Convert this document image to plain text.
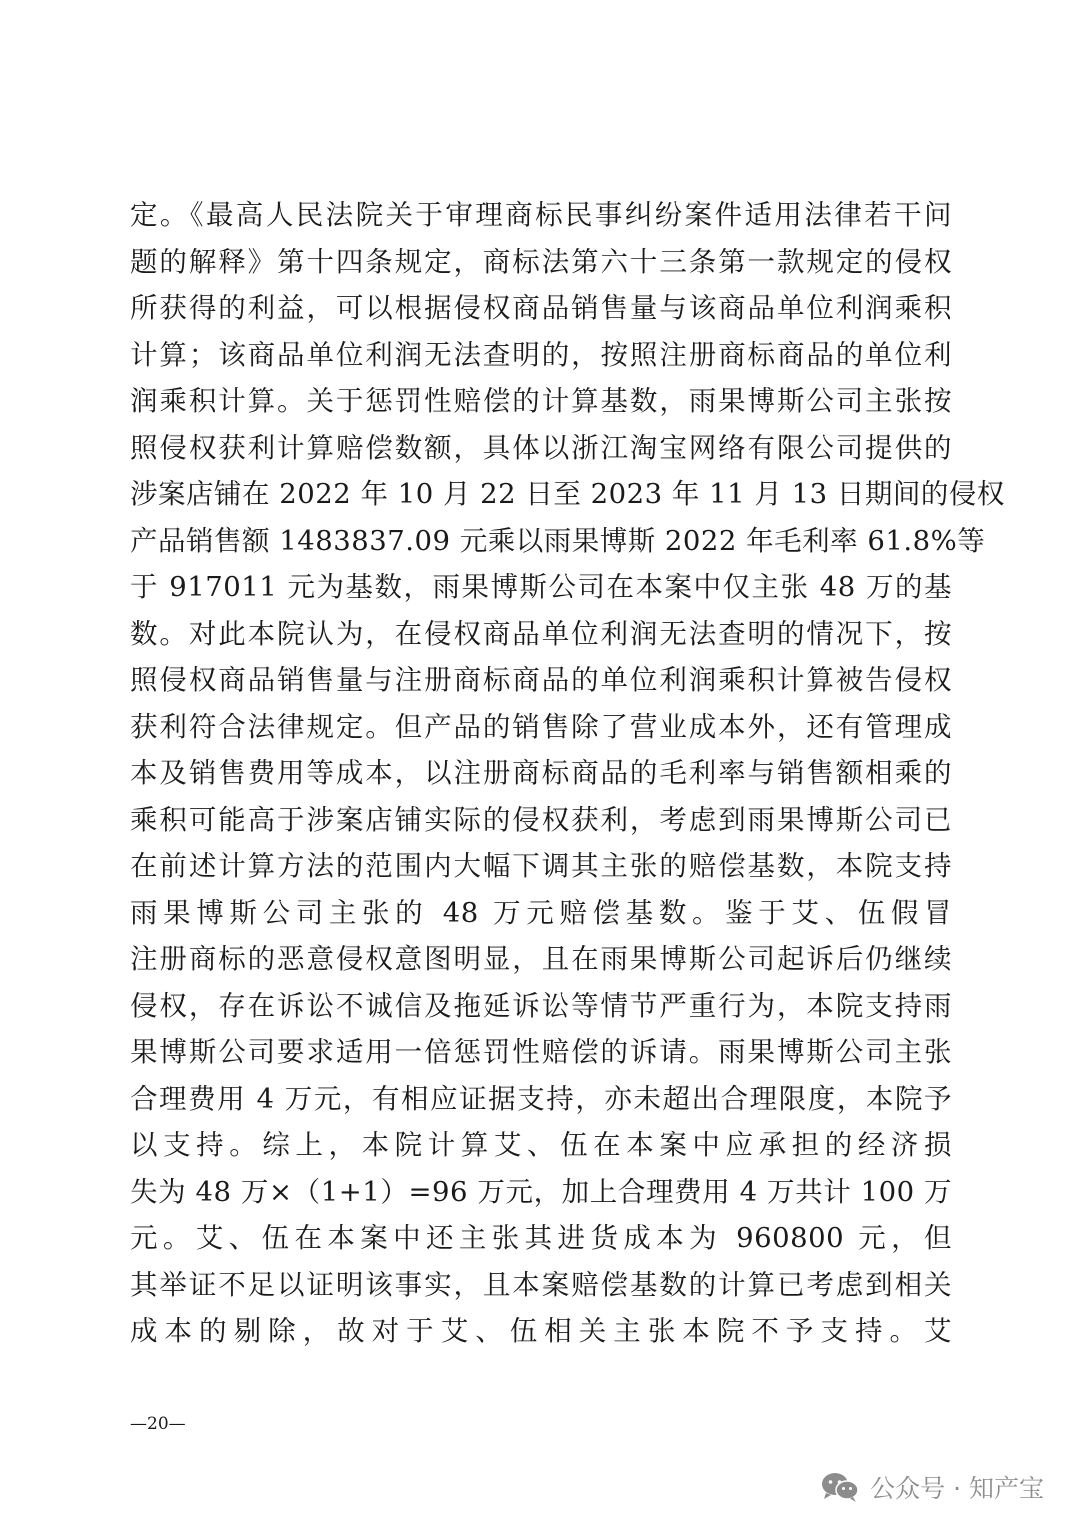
定。《最高人民法院关于审理商标民事纠纷案件适用法律若干问
题的解释》第十四条规定，商标法第六十三条第一款规定的侵权
所获得的利益，可以根据侵权商品销售量与该商品单位利润乘积
计算；该商品单位利润无法查明的，按照注册商标商品的单位利
润乘积计算。关于惩罚性赔偿的计算基数，雨果博斯公司主张按
照侵权获利计算赔偿数额，具体以浙江淘宝网络有限公司提供的
涉案店铺在 2022 年 10 月 22 日至 2023 年 11 月 13 日期间的侵权
产品销售额 1483837.09 元乘以雨果博斯 2022 年毛利率 61.8%等
于 917011 元为基数，雨果博斯公司在本案中仅主张 48 万的基
数。对此本院认为，在侵权商品单位利润无法查明的情况下，按
照侵权商品销售量与注册商标商品的单位利润乘积计算被告侵权
获利符合法律规定。但产品的销售除了营业成本外，还有管理成
本及销售费用等成本，以注册商标商品的毛利率与销售额相乘的
乘积可能高于涉案店铺实际的侵权获利，考虑到雨果博斯公司已
在前述计算方法的范围内大幅下调其主张的赔偿基数，本院支持
雨果博斯公司主张的 48 万元赔偿基数。鉴于艾、伍假冒
注册商标的恶意侵权意图明显，且在雨果博斯公司起诉后仍继续
侵权，存在诉讼不诚信及拖延诉讼等情节严重行为，本院支持雨
果博斯公司要求适用一倍惩罚性赔偿的诉请。雨果博斯公司主张
合理费用 4 万元，有相应证据支持，亦未超出合理限度，本院予
以支持。综上，本院计算艾、伍在本案中应承担的经济损
失为 48 万×（1+1）=96 万元，加上合理费用 4 万共计 100 万
元。艾、伍在本案中还主张其进货成本为 960800 元，但
其举证不足以证明该事实，且本案赔偿基数的计算已考虑到相关
成本的剔除，故对于艾、伍相关主张本院不予支持。艾
—20—
公众号 · 知产宝
